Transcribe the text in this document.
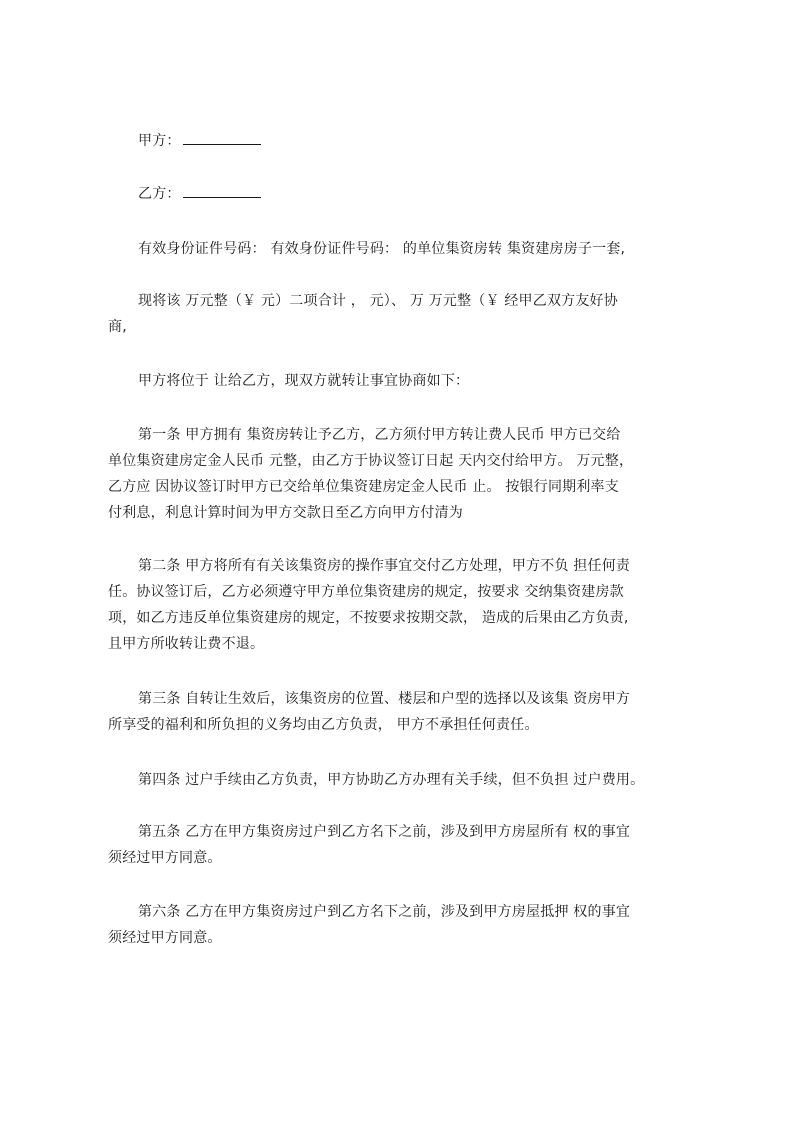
甲方：
乙方：
有效身份证件号码： 有效身份证件号码： 的单位集资房转 集资建房房子一套,
现将该 万元整（￥ 元）二项合计 ， 元）、 万 万元整（￥ 经甲乙双方友好协
商,
甲方将位于 让给乙方，现双方就转让事宜协商如下：
第一条 甲方拥有 集资房转让予乙方，乙方须付甲方转让费人民币 甲方已交给
单位集资建房定金人民币 元整，由乙方于协议签订日起 天内交付给甲方。 万元整，
乙方应 因协议签订时甲方已交给单位集资建房定金人民币 止。 按银行同期利率支
付利息，利息计算时间为甲方交款日至乙方向甲方付清为
第二条 甲方将所有有关该集资房的操作事宜交付乙方处理，甲方不负 担任何责
任。协议签订后，乙方必须遵守甲方单位集资建房的规定，按要求 交纳集资建房款
项，如乙方违反单位集资建房的规定，不按要求按期交款， 造成的后果由乙方负责,
且甲方所收转让费不退。
第三条 自转让生效后，该集资房的位置、楼层和户型的选择以及该集 资房甲方
所享受的福利和所负担的义务均由乙方负责， 甲方不承担任何责任。
第四条 过户手续由乙方负责，甲方协助乙方办理有关手续，但不负担 过户费用。
第五条 乙方在甲方集资房过户到乙方名下之前，涉及到甲方房屋所有 权的事宜
须经过甲方同意。
第六条 乙方在甲方集资房过户到乙方名下之前，涉及到甲方房屋抵押 权的事宜
须经过甲方同意。
